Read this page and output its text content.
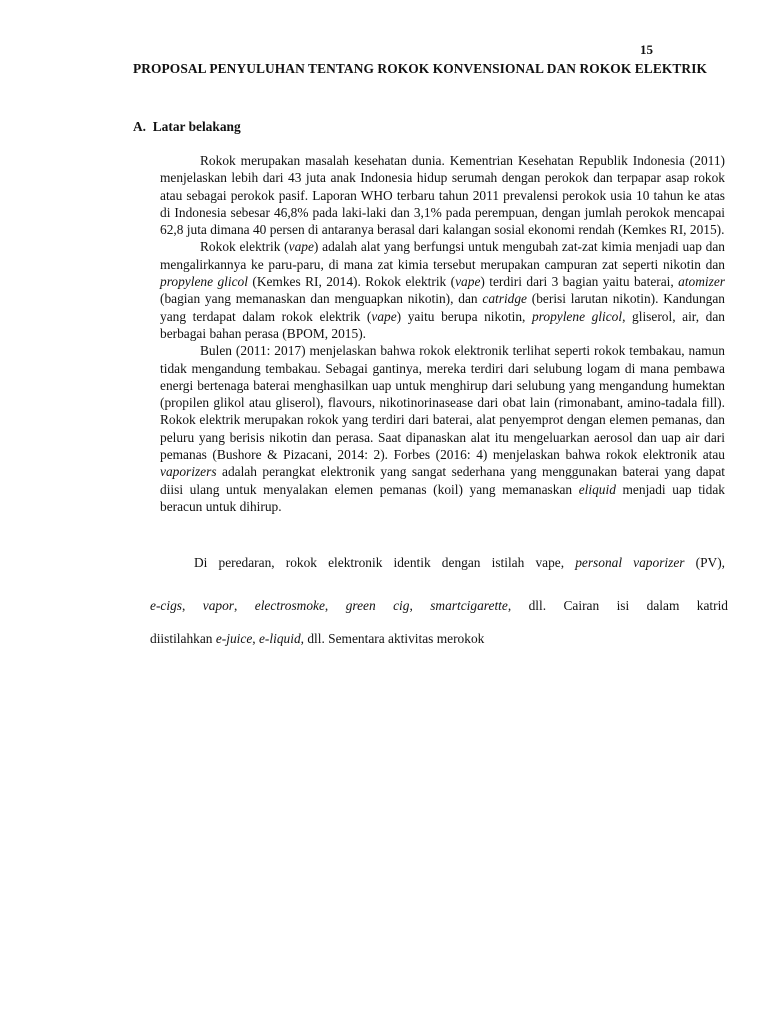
15
PROPOSAL PENYULUHAN TENTANG ROKOK KONVENSIONAL DAN ROKOK ELEKTRIK
A. Latar belakang

Rokok merupakan masalah kesehatan dunia. Kementrian Kesehatan Republik Indonesia (2011) menjelaskan lebih dari 43 juta anak Indonesia hidup serumah dengan perokok dan terpapar asap rokok atau sebagai perokok pasif. Laporan WHO terbaru tahun 2011 prevalensi perokok usia 10 tahun ke atas di Indonesia sebesar 46,8% pada laki-laki dan 3,1% pada perempuan, dengan jumlah perokok mencapai 62,8 juta dimana 40 persen di antaranya berasal dari kalangan sosial ekonomi rendah (Kemkes RI, 2015).

Rokok elektrik (vape) adalah alat yang berfungsi untuk mengubah zat-zat kimia menjadi uap dan mengalirkannya ke paru-paru, di mana zat kimia tersebut merupakan campuran zat seperti nikotin dan propylene glicol (Kemkes RI, 2014). Rokok elektrik (vape) terdiri dari 3 bagian yaitu baterai, atomizer (bagian yang memanaskan dan menguapkan nikotin), dan catridge (berisi larutan nikotin). Kandungan yang terdapat dalam rokok elektrik (vape) yaitu berupa nikotin, propylene glicol, gliserol, air, dan berbagai bahan perasa (BPOM, 2015).

Bulen (2011: 2017) menjelaskan bahwa rokok elektronik terlihat seperti rokok tembakau, namun tidak mengandung tembakau. Sebagai gantinya, mereka terdiri dari selubung logam di mana pembawa energi bertenaga baterai menghasilkan uap untuk menghirup dari selubung yang mengandung humektan (propilen glikol atau gliserol), flavours, nikotinorinasease dari obat lain (rimonabant, amino-tadala fill). Rokok elektrik merupakan rokok yang terdiri dari baterai, alat penyemprot dengan elemen pemanas, dan peluru yang berisis nikotin dan perasa. Saat dipanaskan alat itu mengeluarkan aerosol dan uap air dari pemanas (Bushore & Pizacani, 2014: 2). Forbes (2016: 4) menjelaskan bahwa rokok elektronik atau vaporizers adalah perangkat elektronik yang sangat sederhana yang menggunakan baterai yang dapat diisi ulang untuk menyalakan elemen pemanas (koil) yang memanaskan eliquid menjadi uap tidak beracun untuk dihirup.

Di peredaran, rokok elektronik identik dengan istilah vape, personal vaporizer (PV),

e-cigs, vapor, electrosmoke, green cig, smartcigarette, dll. Cairan isi dalam katrid

diistilahkan e-juice, e-liquid, dll. Sementara aktivitas merokok
